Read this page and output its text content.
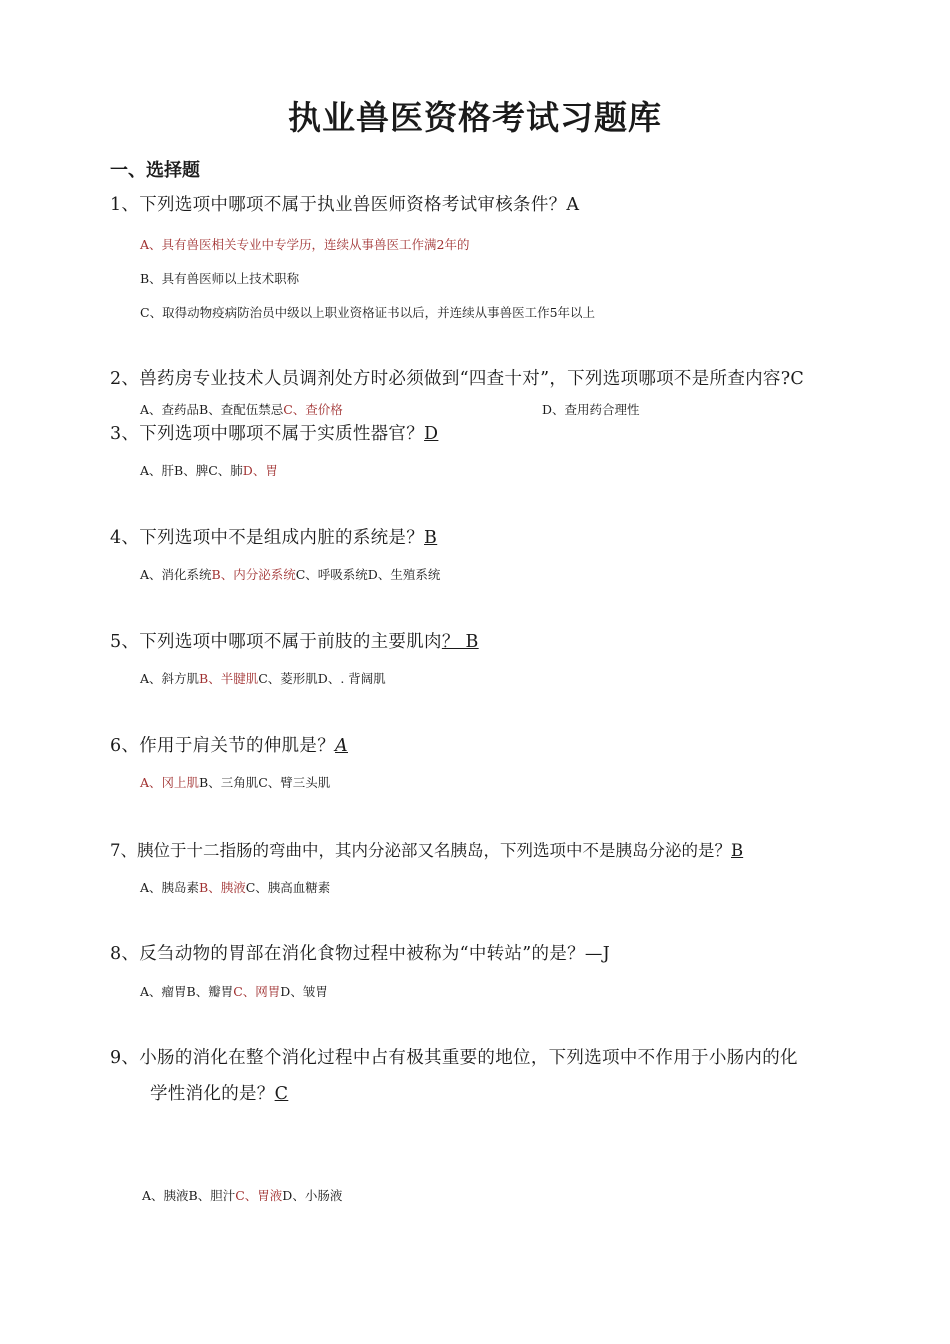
执业兽医资格考试习题库
一、选择题
1、下列选项中哪项不属于执业兽医师资格考试审核条件？A
A、具有兽医相关专业中专学历，连续从事兽医工作满2年的
B、具有兽医师以上技术职称
C、取得动物疫病防治员中级以上职业资格证书以后，并连续从事兽医工作5年以上
2、兽药房专业技术人员调剂处方时必须做到“四查十对”，下列选项哪项不是所查内容?C
A、查药品B、查配伍禁忌C、查价格	D、查用药合理性
3、下列选项中哪项不属于实质性器官？D
A、肝B、脾C、肺D、胃
4、下列选项中不是组成内脏的系统是？B
A、消化系统B、内分泌系统C、呼吸系统D、生殖系统
5、下列选项中哪项不属于前肢的主要肌肉？ B
A、斜方肌B、半腱肌C、菱形肌D、. 背阔肌
6、作用于肩关节的伸肌是？A
A、冈上肌B、三角肌C、臂三头肌
7、胰位于十二指肠的弯曲中，其内分泌部又名胰岛，下列选项中不是胰岛分泌的是？B
A、胰岛素B、胰液C、胰高血糖素
8、反刍动物的胃部在消化食物过程中被称为“中转站”的是？—J
A、瘤胃B、瓣胃C、网胃D、皱胃
9、小肠的消化在整个消化过程中占有极其重要的地位，下列选项中不作用于小肠内的化
学性消化的是？C
A、胰液B、胆汁C、胃液D、小肠液
